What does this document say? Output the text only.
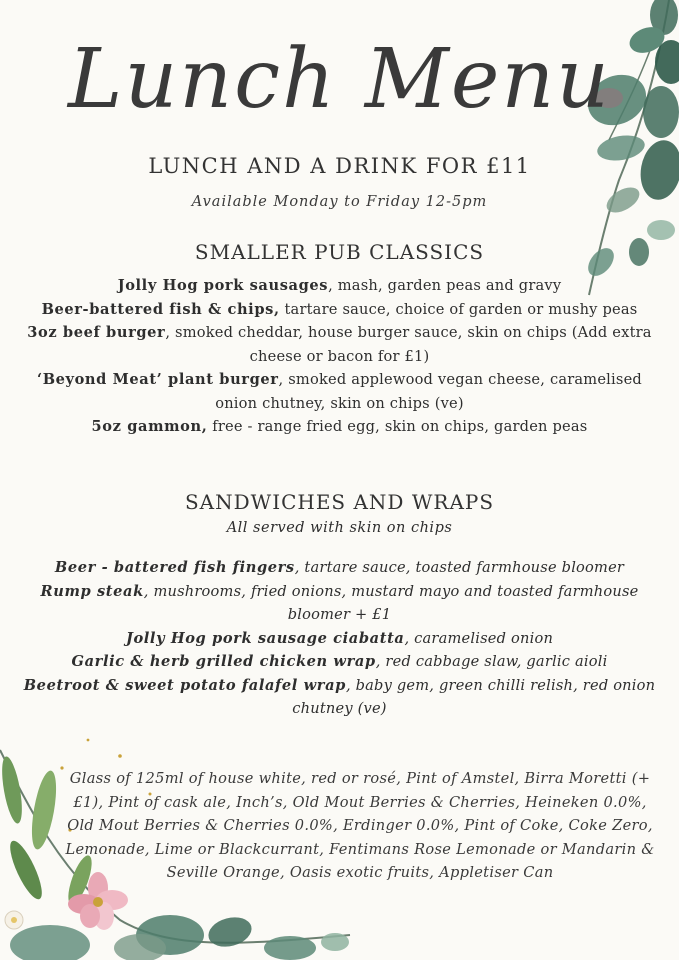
Lunch Menu
LUNCH AND A DRINK FOR £11
Available Monday to Friday 12-5pm
SMALLER PUB CLASSICS

Jolly Hog pork sausages, mash, garden peas and gravy

Beer-battered fish & chips, tartare sauce, choice of garden or mushy peas

3oz beef burger, smoked cheddar, house burger sauce, skin on chips (Add extra cheese or bacon for £1)

‘Beyond Meat’ plant burger, smoked applewood vegan cheese, caramelised onion chutney, skin on chips (ve)

5oz gammon, free - range fried egg, skin on chips, garden peas

SANDWICHES AND WRAPS
All served with skin on chips

Beer - battered fish fingers, tartare sauce, toasted farmhouse bloomer

Rump steak, mushrooms, fried onions, mustard mayo and toasted farmhouse bloomer + £1

Jolly Hog pork sausage ciabatta, caramelised onion

Garlic & herb grilled chicken wrap, red cabbage slaw, garlic aioli

Beetroot & sweet potato falafel wrap, baby gem, green chilli relish, red onion chutney (ve)

Glass of 125ml of house white, red or rosé, Pint of Amstel, Birra Moretti (+£1), Pint of cask ale, Inch’s, Old Mout Berries & Cherries, Heineken 0.0%, Old Mout Berries & Cherries 0.0%, Erdinger 0.0%, Pint of Coke, Coke Zero, Lemonade, Lime or Blackcurrant, Fentimans Rose Lemonade or Mandarin & Seville Orange, Oasis exotic fruits, Appletiser Can
